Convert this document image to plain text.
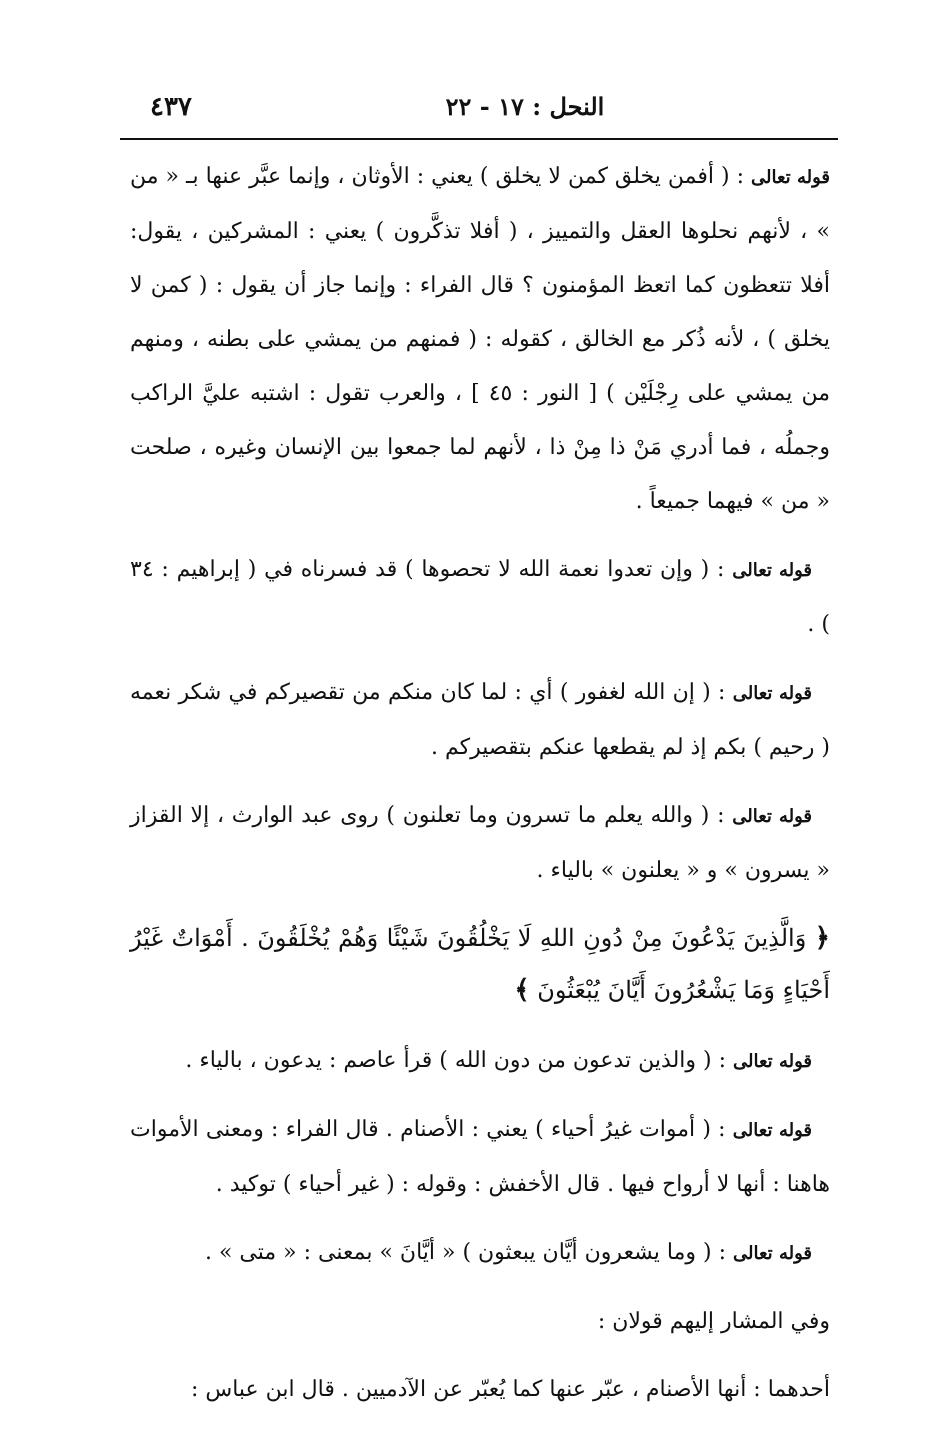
٤٣٧	النحل : ١٧ - ٢٢

قوله تعالى : ( أفمن يخلق كمن لا يخلق ) يعني : الأوثان ، وإنما عبَّر عنها بـ « من » ، لأنهم نحلوها العقل والتمييز ، ( أفلا تذكَّرون ) يعني : المشركين ، يقول: أفلا تتعظون كما اتعظ المؤمنون ؟ قال الفراء : وإنما جاز أن يقول : ( كمن لا يخلق ) ، لأنه ذُكر مع الخالق ، كقوله : ( فمنهم من يمشي على بطنه ، ومنهم من يمشي على رِجْلَيْن ) [ النور : ٤٥ ] ، والعرب تقول : اشتبه عليَّ الراكب وجملُه ، فما أدري مَنْ ذا مِنْ ذا ، لأنهم لما جمعوا بين الإنسان وغيره ، صلحت « من » فيهما جميعاً .

قوله تعالى : ( وإن تعدوا نعمة الله لا تحصوها ) قد فسرناه في ( إبراهيم : ٣٤ ) .

قوله تعالى : ( إن الله لغفور ) أي : لما كان منكم من تقصيركم في شكر نعمه ( رحيم ) بكم إذ لم يقطعها عنكم بتقصيركم .

قوله تعالى : ( والله يعلم ما تسرون وما تعلنون ) روى عبد الوارث ، إلا القزاز « يسرون » و « يعلنون » بالياء .

﴿ وَالَّذِينَ يَدْعُونَ مِنْ دُونِ اللهِ لَا يَخْلُقُونَ شَيْئًا وَهُمْ يُخْلَقُونَ . أَمْوَاتٌ غَيْرُ أَحْيَاءٍ وَمَا يَشْعُرُونَ أَيَّانَ يُبْعَثُونَ ﴾

قوله تعالى : ( والذين تدعون من دون الله ) قرأ عاصم : يدعون ، بالياء .

قوله تعالى : ( أموات غيرُ أحياء ) يعني : الأصنام . قال الفراء : ومعنى الأموات هاهنا : أنها لا أرواح فيها . قال الأخفش : وقوله : ( غير أحياء ) توكيد .

قوله تعالى : ( وما يشعرون أيَّان يبعثون ) « أيَّانَ » بمعنى : « متى » .

وفي المشار إليهم قولان :

أحدهما : أنها الأصنام ، عبّر عنها كما يُعبّر عن الآدميين . قال ابن عباس :
